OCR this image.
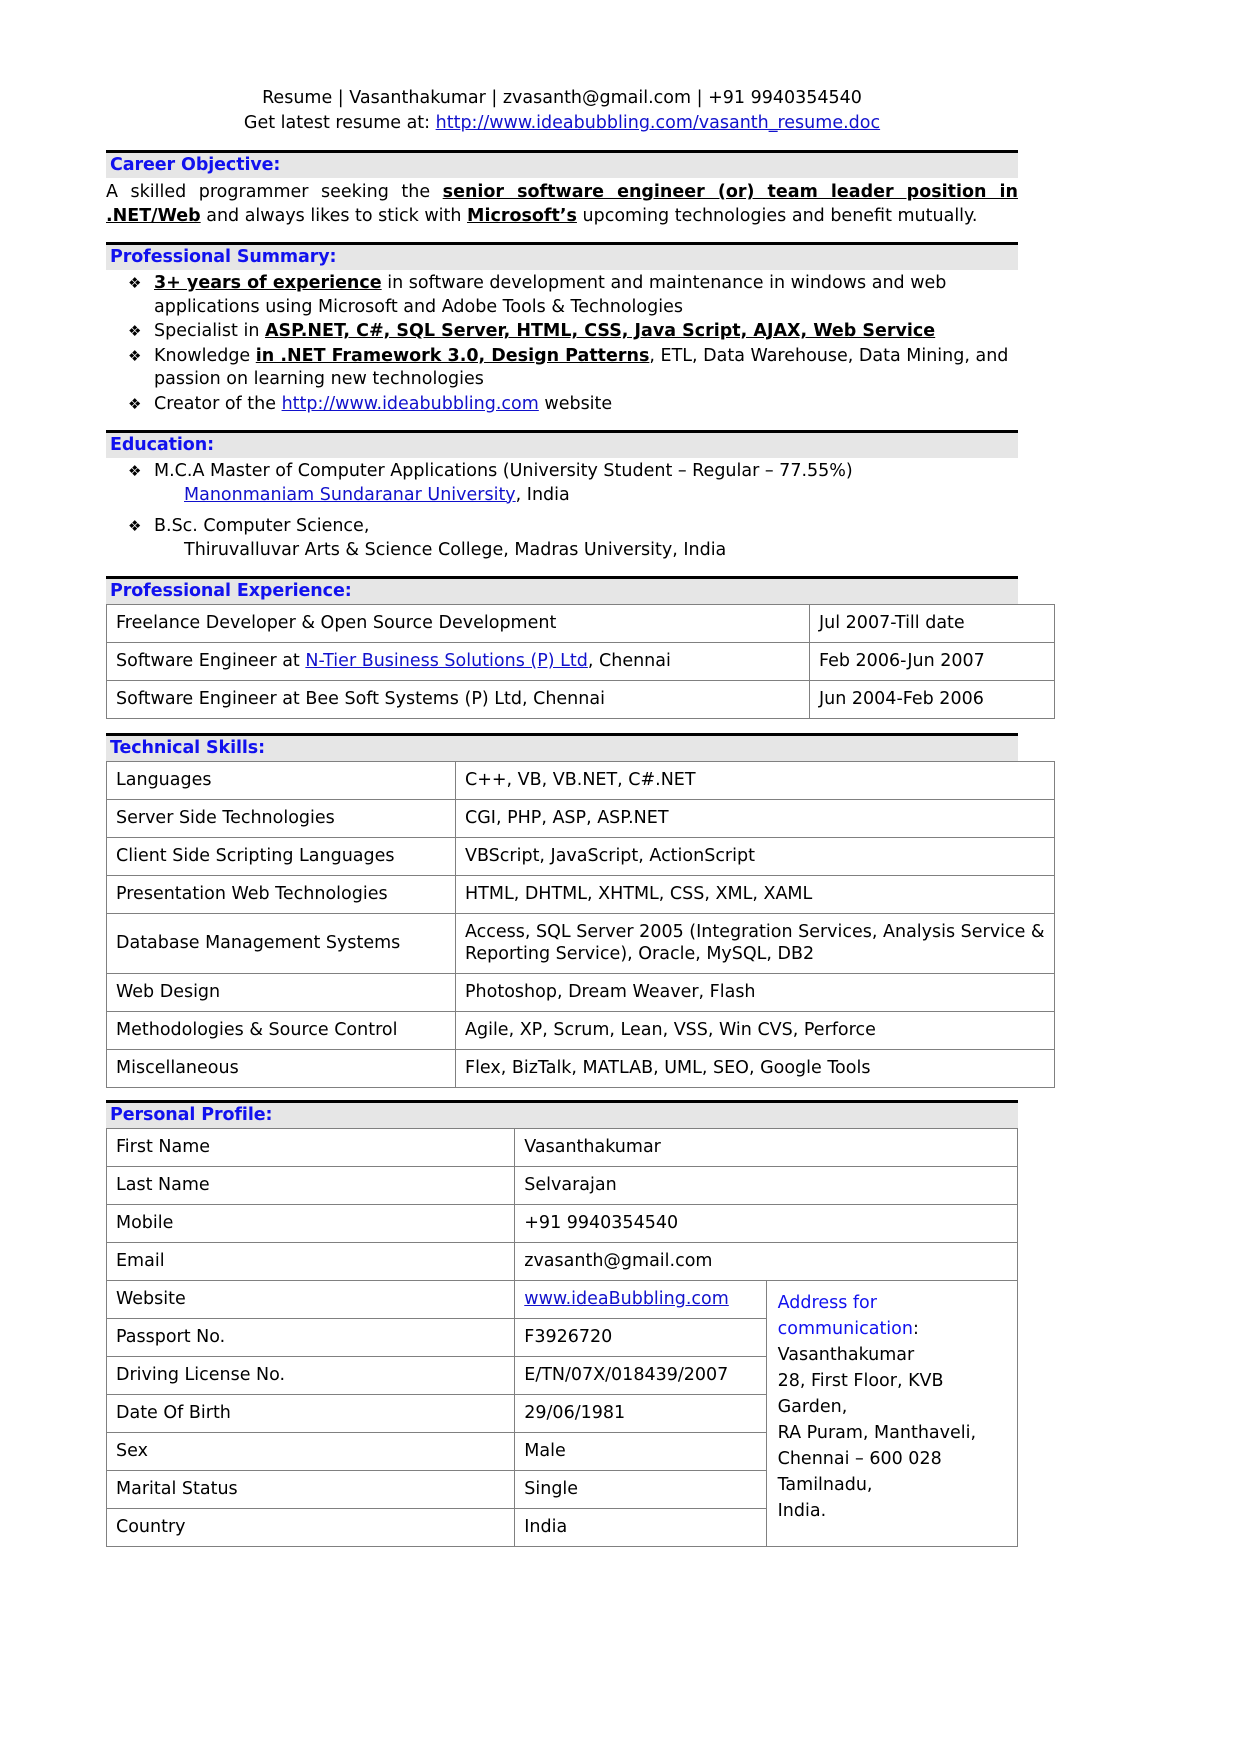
Resume | Vasanthakumar | zvasanth@gmail.com | +91 9940354540
Get latest resume at: http://www.ideabubbling.com/vasanth_resume.doc
Career Objective:
A skilled programmer seeking the senior software engineer (or) team leader position in .NET/Web and always likes to stick with Microsoft’s upcoming technologies and benefit mutually.
Professional Summary:
❖ 3+ years of experience in software development and maintenance in windows and web applications using Microsoft and Adobe Tools & Technologies
❖ Specialist in ASP.NET, C#, SQL Server, HTML, CSS, Java Script, AJAX, Web Service
❖ Knowledge in .NET Framework 3.0, Design Patterns, ETL, Data Warehouse, Data Mining, and passion on learning new technologies
❖ Creator of the http://www.ideabubbling.com website
Education:
❖ M.C.A Master of Computer Applications (University Student – Regular – 77.55%)
Manonmaniam Sundaranar University, India
❖ B.Sc. Computer Science,
Thiruvalluvar Arts & Science College, Madras University, India
Professional Experience:
Freelance Developer & Open Source Development	Jul 2007-Till date
Software Engineer at N-Tier Business Solutions (P) Ltd, Chennai	Feb 2006-Jun 2007
Software Engineer at Bee Soft Systems (P) Ltd, Chennai	Jun 2004-Feb 2006
Technical Skills:
Languages	C++, VB, VB.NET, C#.NET
Server Side Technologies	CGI, PHP, ASP, ASP.NET
Client Side Scripting Languages	VBScript, JavaScript, ActionScript
Presentation Web Technologies	HTML, DHTML, XHTML, CSS, XML, XAML
Database Management Systems	Access, SQL Server 2005 (Integration Services, Analysis Service & Reporting Service), Oracle, MySQL, DB2
Web Design	Photoshop, Dream Weaver, Flash
Methodologies & Source Control	Agile, XP, Scrum, Lean, VSS, Win CVS, Perforce
Miscellaneous	Flex, BizTalk, MATLAB, UML, SEO, Google Tools
Personal Profile:
First Name	Vasanthakumar	
Last Name	Selvarajan	
Mobile	+91 9940354540	
Email	zvasanth@gmail.com	
Website	www.ideaBubbling.com	Address for communication:
Vasanthakumar
28, First Floor, KVB Garden,
RA Puram, Manthaveli,
Chennai – 600 028
Tamilnadu,
India.

Passport No.	F3926720	
Driving License No.	E/TN/07X/018439/2007	
Date Of Birth	29/06/1981	
Sex	Male	
Marital Status	Single	
Country	India	
